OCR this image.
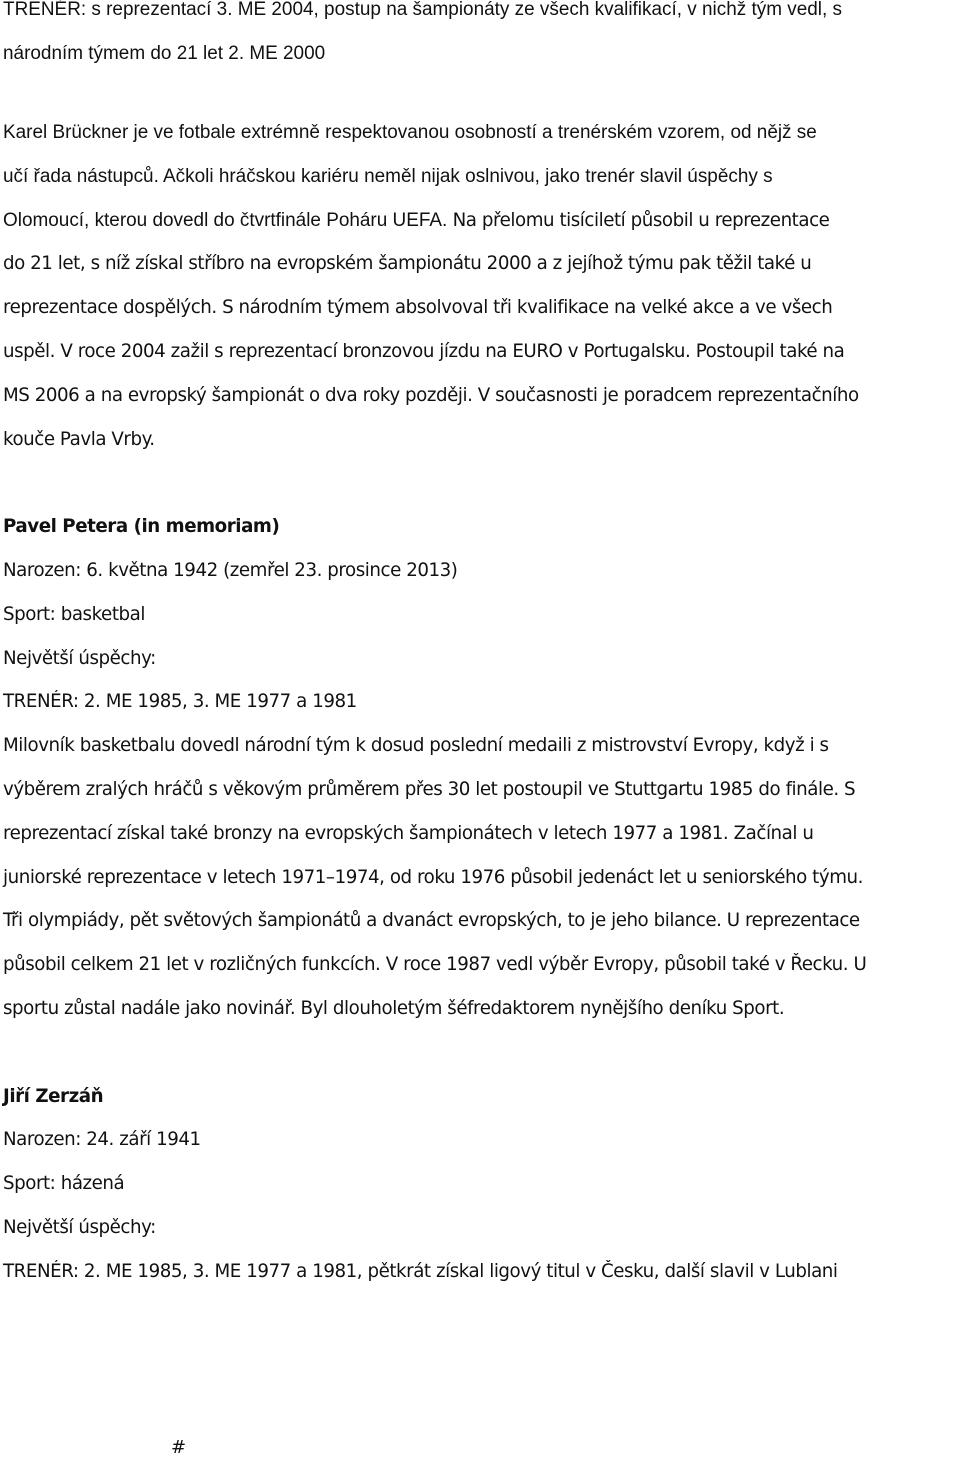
TRENÉR: s reprezentací 3. ME 2004, postup na šampionáty ze všech kvalifikací, v nichž tým vedl, s
národním týmem do 21 let 2. ME 2000
Karel Brückner je ve fotbale extrémně respektovanou osobností a trenérském vzorem, od nějž se
učí řada nástupců. Ačkoli hráčskou kariéru neměl nijak oslnivou, jako trenér slavil úspěchy s
Olomoucí, kterou dovedl do čtvrtfinále Poháru UEFA. Na přelomu tisíciletí působil u reprezentace
do 21 let, s níž získal stříbro na evropském šampionátu 2000 a z jejíhož týmu pak těžil také u
reprezentace dospělých. S národním týmem absolvoval tři kvalifikace na velké akce a ve všech
uspěl. V roce 2004 zažil s reprezentací bronzovou jízdu na EURO v Portugalsku. Postoupil také na
MS 2006 a na evropský šampionát o dva roky později. V současnosti je poradcem reprezentačního
kouče Pavla Vrby.
Pavel Petera (in memoriam)
Narozen: 6. května 1942 (zemřel 23. prosince 2013)
Sport: basketbal
Největší úspěchy:
TRENÉR: 2. ME 1985, 3. ME 1977 a 1981
Milovník basketbalu dovedl národní tým k dosud poslední medaili z mistrovství Evropy, když i s
výběrem zralých hráčů s věkovým průměrem přes 30 let postoupil ve Stuttgartu 1985 do finále. S
reprezentací získal také bronzy na evropských šampionátech v letech 1977 a 1981. Začínal u
juniorské reprezentace v letech 1971–1974, od roku 1976 působil jedenáct let u seniorského týmu.
Tři olympiády, pět světových šampionátů a dvanáct evropských, to je jeho bilance. U reprezentace
působil celkem 21 let v rozličných funkcích. V roce 1987 vedl výběr Evropy, působil také v Řecku. U
sportu zůstal nadále jako novinář. Byl dlouholetým šéfredaktorem nynějšího deníku Sport.
Jiří Zerzáň
Narozen: 24. září 1941
Sport: házená
Největší úspěchy:
TRENÉR: 2. ME 1985, 3. ME 1977 a 1981, pětkrát získal ligový titul v Česku, další slavil v Lublani
#
